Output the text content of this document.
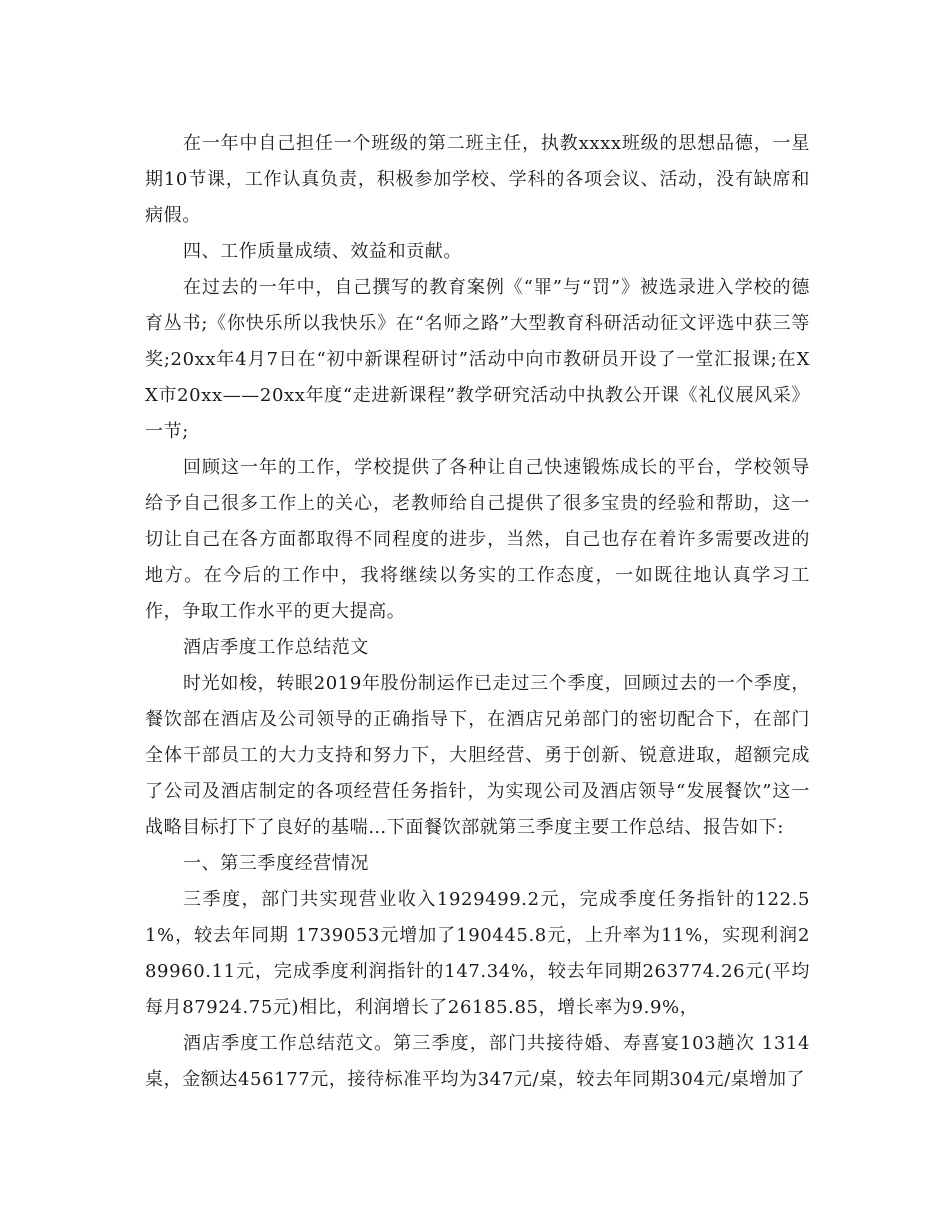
在一年中自己担任一个班级的第二班主任，执教xxxx班级的思想品德，一星期10节课，工作认真负责，积极参加学校、学科的各项会议、活动，没有缺席和病假。

四、工作质量成绩、效益和贡献。

在过去的一年中，自己撰写的教育案例《“罪”与“罚”》被选录进入学校的德育丛书;《你快乐所以我快乐》在“名师之路”大型教育科研活动征文评选中获三等奖;20xx年4月7日在“初中新课程研讨”活动中向市教研员开设了一堂汇报课;在XX市20xx——20xx年度“走进新课程”教学研究活动中执教公开课《礼仪展风采》一节;

回顾这一年的工作，学校提供了各种让自己快速锻炼成长的平台，学校领导给予自己很多工作上的关心，老教师给自己提供了很多宝贵的经验和帮助，这一切让自己在各方面都取得不同程度的进步，当然，自己也存在着许多需要改进的地方。在今后的工作中，我将继续以务实的工作态度，一如既往地认真学习工作，争取工作水平的更大提高。

酒店季度工作总结范文

时光如梭，转眼2019年股份制运作已走过三个季度，回顾过去的一个季度，餐饮部在酒店及公司领导的正确指导下，在酒店兄弟部门的密切配合下，在部门全体干部员工的大力支持和努力下，大胆经营、勇于创新、锐意进取，超额完成了公司及酒店制定的各项经营任务指针，为实现公司及酒店领导“发展餐饮”这一战略目标打下了良好的基喘…下面餐饮部就第三季度主要工作总结、报告如下:

一、第三季度经营情况

三季度，部门共实现营业收入1929499.2元，完成季度任务指针的122.51%，较去年同期 1739053元增加了190445.8元，上升率为11%，实现利润289960.11元，完成季度利润指针的147.34%，较去年同期263774.26元(平均每月87924.75元)相比，利润增长了26185.85，增长率为9.9%，

酒店季度工作总结范文。第三季度，部门共接待婚、寿喜宴103趟次 1314桌，金额达456177元，接待标准平均为347元/桌，较去年同期304元/桌增加了
